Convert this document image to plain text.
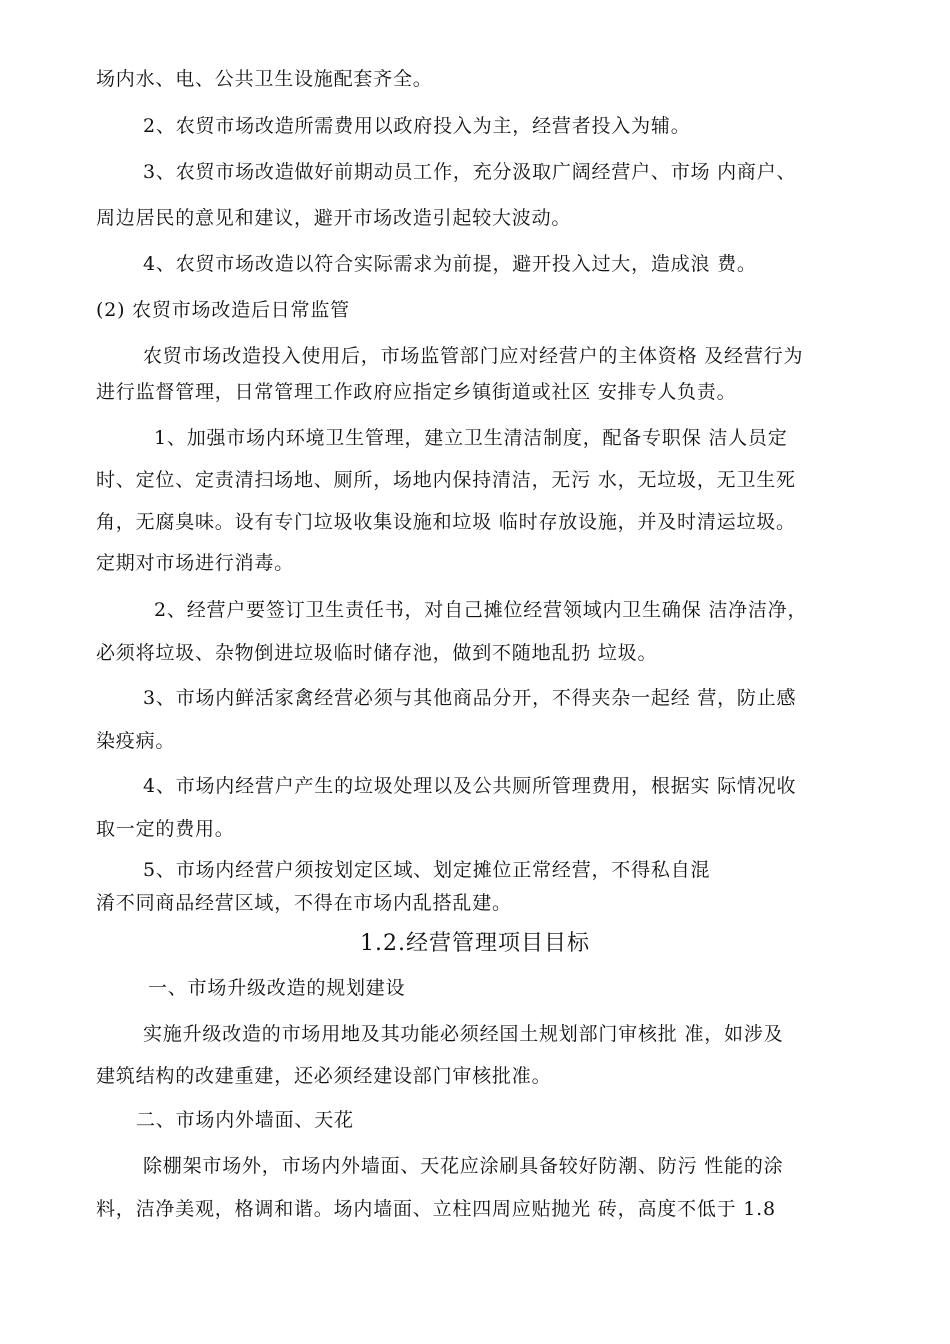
场内水、电、公共卫生设施配套齐全。

2、农贸市场改造所需费用以政府投入为主，经营者投入为辅。

3、农贸市场改造做好前期动员工作，充分汲取广阔经营户、市场 内商户、

周边居民的意见和建议，避开市场改造引起较大波动。

4、农贸市场改造以符合实际需求为前提，避开投入过大，造成浪 费。

(2) 农贸市场改造后日常监管

农贸市场改造投入使用后，市场监管部门应对经营户的主体资格 及经营行为

进行监督管理，日常管理工作政府应指定乡镇街道或社区 安排专人负责。

1、加强市场内环境卫生管理，建立卫生清洁制度，配备专职保 洁人员定

时、定位、定责清扫场地、厕所，场地内保持清洁，无污 水，无垃圾，无卫生死

角，无腐臭味。设有专门垃圾收集设施和垃圾 临时存放设施，并及时清运垃圾。

定期对市场进行消毒。

2、经营户要签订卫生责任书，对自己摊位经营领域内卫生确保 洁净洁净，

必须将垃圾、杂物倒进垃圾临时储存池，做到不随地乱扔 垃圾。

3、市场内鲜活家禽经营必须与其他商品分开，不得夹杂一起经 营，防止感

染疫病。

4、市场内经营户产生的垃圾处理以及公共厕所管理费用，根据实 际情况收

取一定的费用。

5、市场内经营户须按划定区域、划定摊位正常经营，不得私自混

淆不同商品经营区域，不得在市场内乱搭乱建。

1.2.经营管理项目目标

一、市场升级改造的规划建设

实施升级改造的市场用地及其功能必须经国土规划部门审核批 准，如涉及

建筑结构的改建重建，还必须经建设部门审核批准。

二、市场内外墙面、天花

除棚架市场外，市场内外墙面、天花应涂刷具备较好防潮、防污 性能的涂

料，洁净美观，格调和谐。场内墙面、立柱四周应贴抛光 砖，高度不低于 1.8
